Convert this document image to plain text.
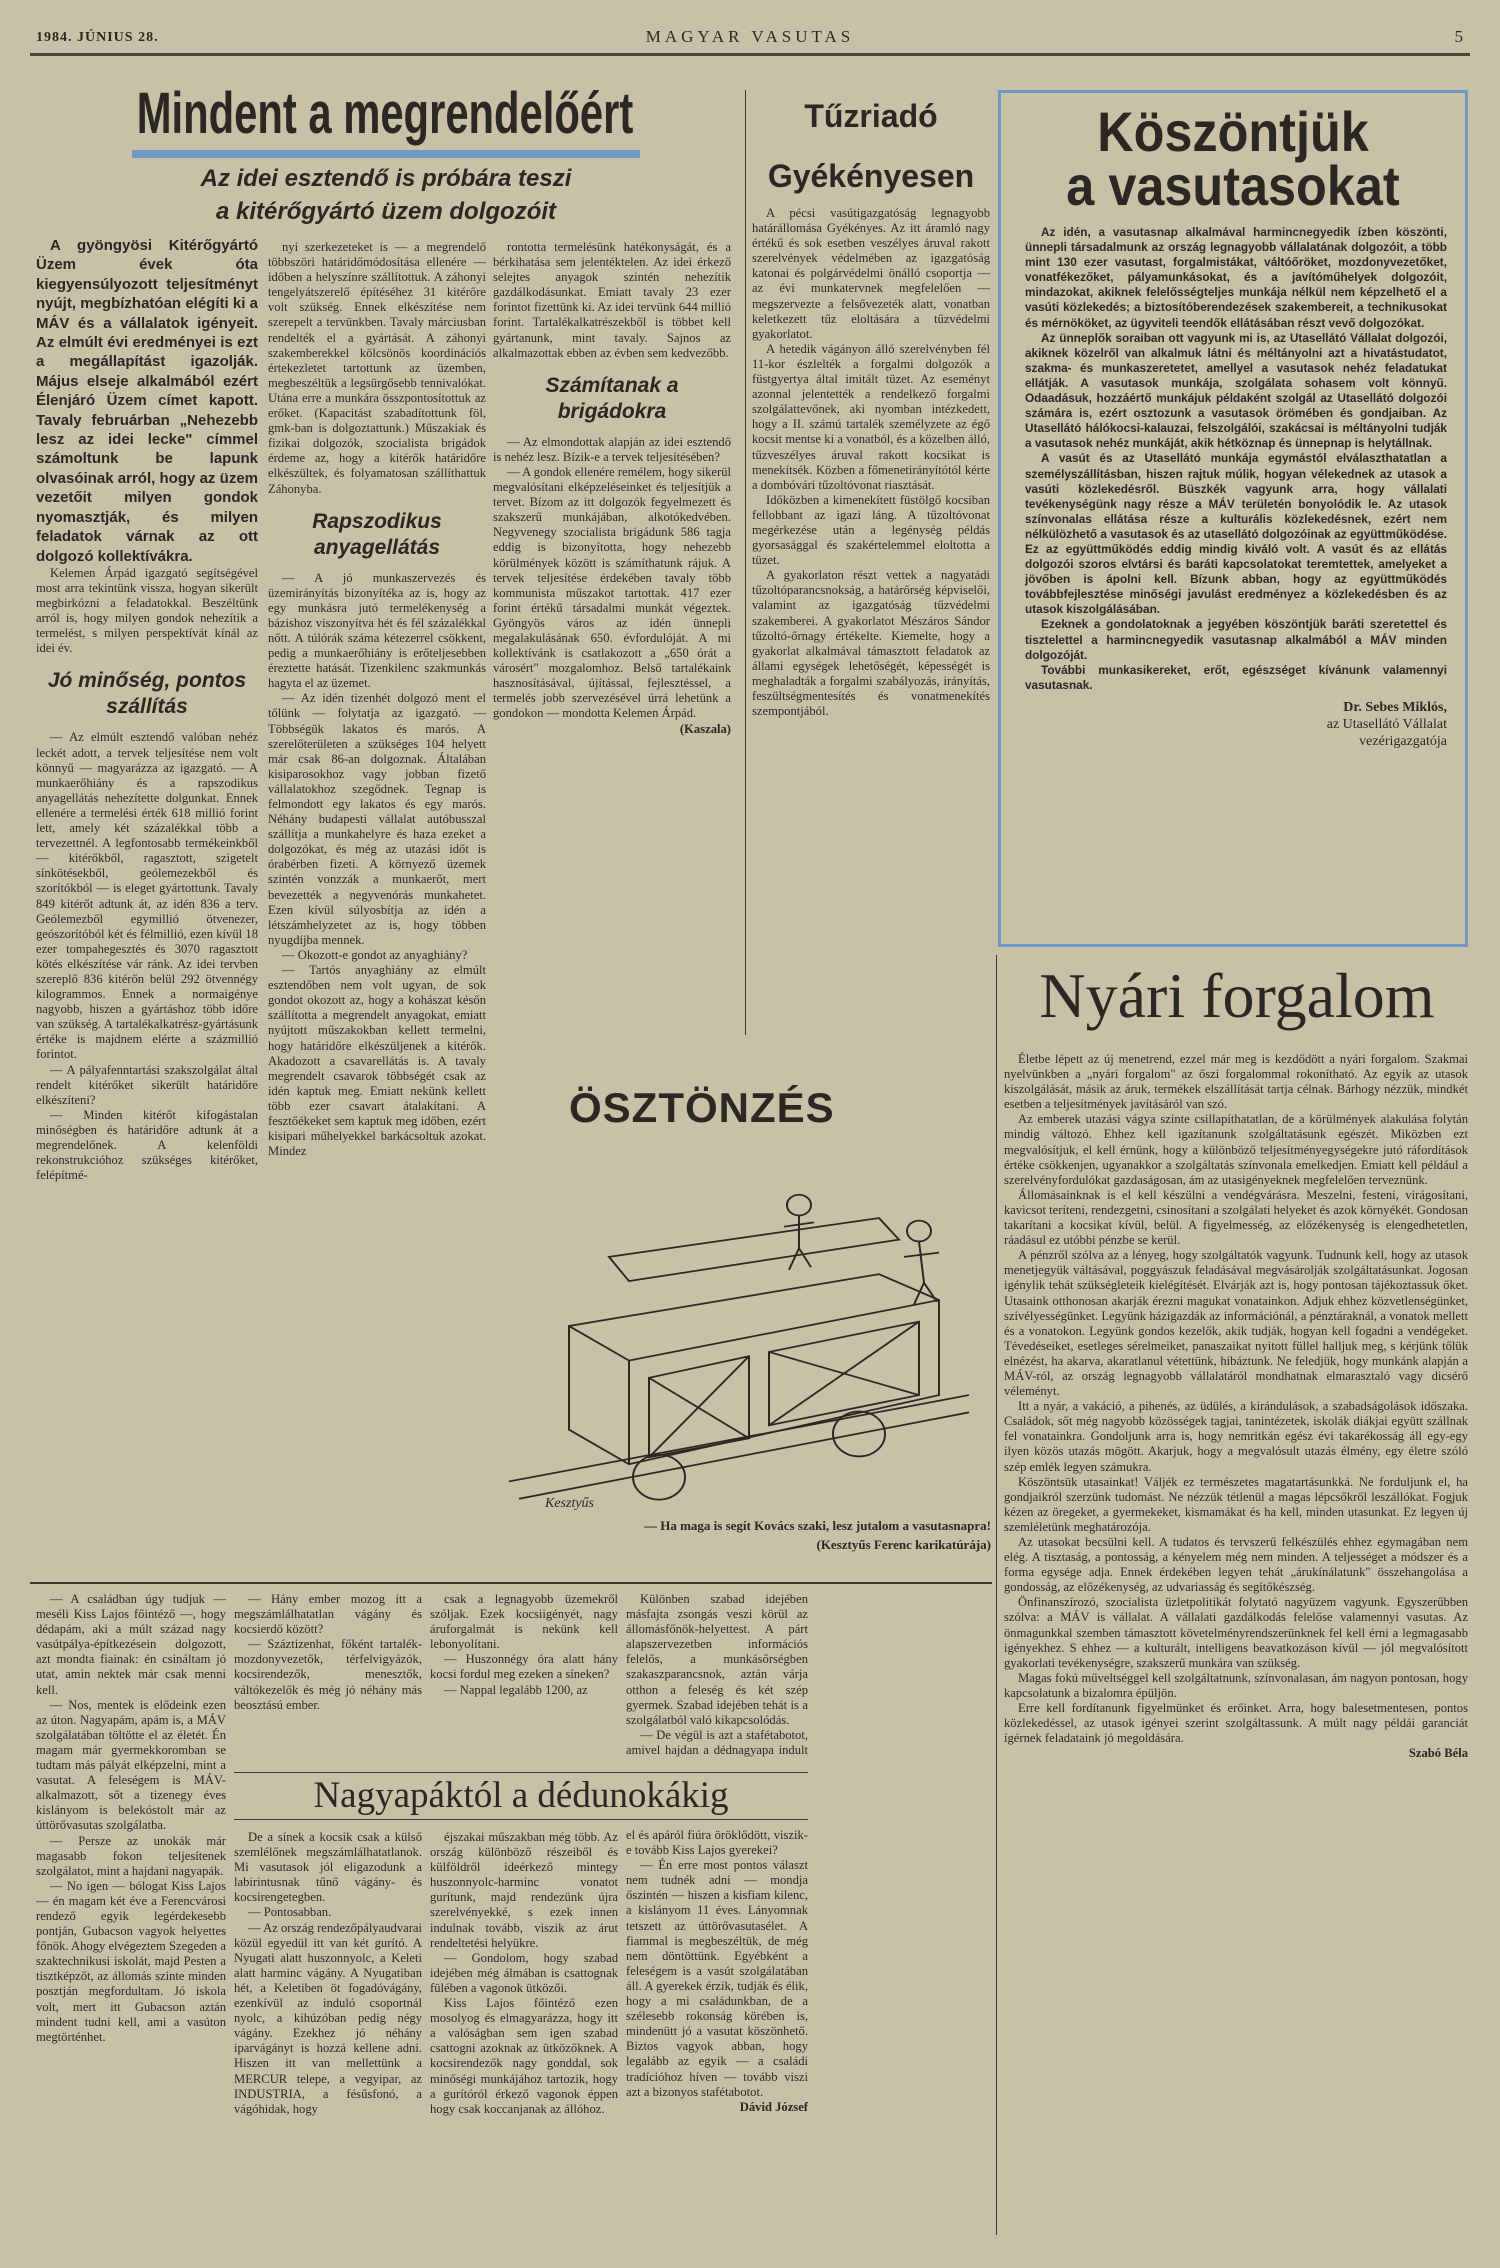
1984. JÚNIUS 28.	MAGYAR VASUTAS	5
Mindent a megrendelőért
Az idei esztendő is próbára teszi
a kitérőgyártó üzem dolgozóit

A gyöngyösi Kitérőgyártó Üzem évek óta kiegyensúlyozott teljesítményt nyújt, megbízhatóan elégíti ki a MÁV és a vállalatok igényeit. Az elmúlt évi eredményei is ezt a megállapítást igazolják. Május elseje alkalmából ezért Élenjáró Üzem címet kapott. Tavaly februárban „Nehezebb lesz az idei lecke" címmel számoltunk be lapunk olvasóinak arról, hogy az üzem vezetőit milyen gondok nyomasztják, és milyen feladatok várnak az ott dolgozó kollektívákra.

Kelemen Árpád igazgató segítségével most arra tekintünk vissza, hogyan sikerült megbirkózni a feladatokkal. Beszéltünk arról is, hogy milyen gondok nehezítik a termelést, s milyen perspektívát kínál az idei év.

Jó minőség, pontos szállítás

— Az elmúlt esztendő valóban nehéz leckét adott, a tervek teljesítése nem volt könnyű — magyarázza az igazgató. — A munkaerőhiány és a rapszodikus anyagellátás nehezítette dolgunkat. Ennek ellenére a termelési érték 618 millió forint lett, amely két százalékkal több a tervezettnél. A legfontosabb termékeinkből — kitérőkből, ragasztott, szigetelt sínkötésekből, geólemezekből és szorítókból — is eleget gyártottunk. Tavaly 849 kitérőt adtunk át, az idén 836 a terv. Geólemezből egymillió ötvenezer, geószorítóból két és félmillió, ezen kívül 18 ezer tompahegesztés és 3070 ragasztott kötés elkészítése vár ránk. Az idei tervben szereplő 836 kitérőn belül 292 ötvennégy kilogrammos. Ennek a normaigénye nagyobb, hiszen a gyártáshoz több időre van szükség. A tartalékalkatrész-gyártásunk értéke is majdnem elérte a százmillió forintot.

— A pályafenntartási szakszolgálat által rendelt kitérőket sikerült határidőre elkészíteni?

— Minden kitérőt kifogástalan minőségben és határidőre adtunk át a megrendelőnek. A kelenföldi rekonstrukcióhoz szükséges kitérőket, felépítmé-

nyi szerkezeteket is — a megrendelő többszöri határidőmódosítása ellenére — időben a helyszínre szállítottuk. A záhonyi tengelyátszerelő építéséhez 31 kitérőre volt szükség. Ennek elkészítése nem szerepelt a tervünkben. Tavaly márciusban rendelték el a gyártását. A záhonyi szakemberekkel kölcsönös koordinációs értekezletet tartottunk az üzemben, megbeszéltük a legsürgősebb tennivalókat. Utána erre a munkára összpontosítottuk az erőket. (Kapacitást szabadítottunk föl, gmk-ban is dolgoztattunk.) Műszakiak és fizikai dolgozók, szocialista brigádok érdeme az, hogy a kitérők határidőre elkészültek, és folyamatosan szállíthattuk Záhonyba.

Rapszodikus anyagellátás

— A jó munkaszervezés és üzemirányítás bizonyítéka az is, hogy az egy munkásra jutó termelékenység a bázishoz viszonyítva hét és fél százalékkal nőtt. A túlórák száma kétezerrel csökkent, pedig a munkaerőhiány is erőteljesebben éreztette hatását. Tizenkilenc szakmunkás hagyta el az üzemet.

— Az idén tizenhét dolgozó ment el tőlünk — folytatja az igazgató. — Többségük lakatos és marós. A szerelőterületen a szükséges 104 helyett már csak 86-an dolgoznak. Általában kisiparosokhoz vagy jobban fizető vállalatokhoz szegődnek. Tegnap is felmondott egy lakatos és egy marós. Néhány budapesti vállalat autóbusszal szállítja a munkahelyre és haza ezeket a dolgozókat, és még az utazási időt is órabérben fizeti. A környező üzemek szintén vonzzák a munkaerőt, mert bevezették a negyvenórás munkahetet. Ezen kívül súlyosbítja az idén a létszámhelyzetet az is, hogy többen nyugdíjba mennek.

— Okozott-e gondot az anyaghiány?

— Tartós anyaghiány az elmúlt esztendőben nem volt ugyan, de sok gondot okozott az, hogy a kohászat későn szállította a megrendelt anyagokat, emiatt nyújtott műszakokban kellett termelni, hogy határidőre elkészüljenek a kitérők. Akadozott a csavarellátás is. A tavaly megrendelt csavarok többségét csak az idén kaptuk meg. Emiatt nekünk kellett több ezer csavart átalakítani. A fesztőékeket sem kaptuk meg időben, ezért kisipari műhelyekkel barkácsoltuk azokat. Mindez

rontotta termelésünk hatékonyságát, és a bérkihatása sem jelentéktelen. Az idei érkező selejtes anyagok szintén nehezítik gazdálkodásunkat. Emiatt tavaly 23 ezer forintot fizettünk ki. Az idei tervünk 644 millió forint. Tartalékalkatrészekből is többet kell gyártanunk, mint tavaly. Sajnos az alkalmazottak ebben az évben sem kedvezőbb.

Számítanak a brigádokra

— Az elmondottak alapján az idei esztendő is nehéz lesz. Bízik-e a tervek teljesítésében?

— A gondok ellenére remélem, hogy sikerül megvalósítani elképzeléseinket és teljesítjük a tervet. Bízom az itt dolgozók fegyelmezett és szakszerű munkájában, alkotókedvében. Negyvenegy szocialista brigádunk 586 tagja eddig is bizonyította, hogy nehezebb körülmények között is számíthatunk rájuk. A tervek teljesítése érdekében tavaly több kommunista műszakot tartottak. 417 ezer forint értékű társadalmi munkát végeztek. Gyöngyös város az idén ünnepli megalakulásának 650. évfordulóját. A mi kollektívánk is csatlakozott a „650 órát a városért" mozgalomhoz. Belső tartalékaink hasznosításával, újítással, fejlesztéssel, a termelés jobb szervezésével úrrá lehetünk a gondokon — mondotta Kelemen Árpád.

(Kaszala)

Tűzriadó
Gyékényesen

A pécsi vasútigazgatóság legnagyobb határállomása Gyékényes. Az itt áramló nagy értékű és sok esetben veszélyes áruval rakott szerelvények védelmében az igazgatóság katonai és polgárvédelmi önálló csoportja — az évi munkatervnek megfelelően — megszervezte a felsővezeték alatt, vonatban keletkezett tűz eloltására a tűzvédelmi gyakorlatot.

A hetedik vágányon álló szerelvényben fél 11-kor észlelték a forgalmi dolgozók a füstgyertya által imitált tüzet. Az eseményt azonnal jelentették a rendelkező forgalmi szolgálattevőnek, aki nyomban intézkedett, hogy a II. számú tartalék személyzete az égő kocsit mentse ki a vonatból, és a közelben álló, tűzveszélyes áruval rakott kocsikat is menekítsék. Közben a főmenetirányítótól kérte a dombóvári tűzoltóvonat riasztását.

Időközben a kimenekített füstölgő kocsiban fellobbant az igazi láng. A tűzoltóvonat megérkezése után a legénység példás gyorsasággal és szakértelemmel eloltotta a tüzet.

A gyakorlaton részt vettek a nagyatádi tűzoltóparancsnokság, a határőrség képviselői, valamint az igazgatóság tűzvédelmi szakemberei. A gyakorlatot Mészáros Sándor tűzoltó-őrnagy értékelte. Kiemelte, hogy a gyakorlat alkalmával támasztott feladatok az állami egységek lehetőségét, képességét is meghaladták a forgalmi szabályozás, irányítás, feszültségmentesítés és vonatmenekítés szempontjából.

Köszöntjük
a vasutasokat

Az idén, a vasutasnap alkalmával harmincnegyedik ízben köszönti, ünnepli társadalmunk az ország legnagyobb vállalatának dolgozóit, a több mint 130 ezer vasutast, forgalmistákat, váltóőröket, mozdonyvezetőket, vonatfékezőket, pályamunkásokat, és a javítóműhelyek dolgozóit, mindazokat, akiknek felelősségteljes munkája nélkül nem képzelhető el a vasúti közlekedés; a biztosítóberendezések szakembereit, a technikusokat és mérnököket, az ügyviteli teendők ellátásában részt vevő dolgozókat.

Az ünneplők soraiban ott vagyunk mi is, az Utasellátó Vállalat dolgozói, akiknek közelről van alkalmuk látni és méltányolni azt a hivatástudatot, szakma- és munkaszeretetet, amellyel a vasutasok nehéz feladatukat ellátják. A vasutasok munkája, szolgálata sohasem volt könnyű. Odaadásuk, hozzáértő munkájuk példaként szolgál az Utasellátó dolgozói számára is, ezért osztozunk a vasutasok örömében és gondjaiban. Az Utasellátó hálókocsi-kalauzai, felszolgálói, szakácsai is méltányolni tudják a vasutasok nehéz munkáját, akik hétköznap és ünnepnap is helytállnak.

A vasút és az Utasellátó munkája egymástól elválaszthatatlan a személyszállításban, hiszen rajtuk múlik, hogyan vélekednek az utasok a vasúti közlekedésről. Büszkék vagyunk arra, hogy vállalati tevékenységünk nagy része a MÁV területén bonyolódik le. Az utasok színvonalas ellátása része a kulturális közlekedésnek, ezért nem nélkülözhető a vasutasok és az utasellátó dolgozóinak az együttműködése. Ez az együttműködés eddig mindig kiváló volt. A vasút és az ellátás dolgozói szoros elvtársi és baráti kapcsolatokat teremtettek, amelyeket a jövőben is ápolni kell. Bízunk abban, hogy az együttműködés továbbfejlesztése minőségi javulást eredményez a közlekedésben és az utasok kiszolgálásában.

Ezeknek a gondolatoknak a jegyében köszöntjük baráti szeretettel és tisztelettel a harmincnegyedik vasutasnap alkalmából a MÁV minden dolgozóját.

További munkasikereket, erőt, egészséget kívánunk valamennyi vasutasnak.

Dr. Sebes Miklós,
az Utasellátó Vállalat
vezérigazgatója
Nyári forgalom

Életbe lépett az új menetrend, ezzel már meg is kezdődött a nyári forgalom. Szakmai nyelvünkben a „nyári forgalom" az őszi forgalommal rokonítható. Az egyik az utasok kiszolgálását, másik az áruk, termékek elszállítását tartja célnak. Bárhogy nézzük, mindkét esetben a teljesítmények javításáról van szó.

Az emberek utazási vágya szinte csillapíthatatlan, de a körülmények alakulása folytán mindig változó. Ehhez kell igazítanunk szolgáltatásunk egészét. Miközben ezt megvalósítjuk, el kell érnünk, hogy a különböző teljesítményegységekre jutó ráfordítások értéke csökkenjen, ugyanakkor a szolgáltatás színvonala emelkedjen. Emiatt kell például a szerelvényfordulókat gazdaságosan, ám az utasigényeknek megfelelően terveznünk.

Állomásainknak is el kell készülni a vendégvárásra. Meszelni, festeni, virágosítani, kavicsot teríteni, rendezgetni, csinosítani a szolgálati helyeket és azok környékét. Gondosan takarítani a kocsikat kívül, belül. A figyelmesség, az előzékenység is elengedhetetlen, ráadásul ez utóbbi pénzbe se kerül.

A pénzről szólva az a lényeg, hogy szolgáltatók vagyunk. Tudnunk kell, hogy az utasok menetjegyük váltásával, poggyászuk feladásával megvásárolják szolgáltatásunkat. Jogosan igénylik tehát szükségleteik kielégítését. Elvárják azt is, hogy pontosan tájékoztassuk őket. Utasaink otthonosan akarják érezni magukat vonatainkon. Adjuk ehhez közvetlenségünket, szívélyességünket. Legyünk házigazdák az információnál, a pénztáraknál, a vonatok mellett és a vonatokon. Legyünk gondos kezelők, akik tudják, hogyan kell fogadni a vendégeket. Tévedéseiket, esetleges sérelmeiket, panaszaikat nyitott füllel halljuk meg, s kérjünk tőlük elnézést, ha akarva, akaratlanul vétettünk, hibáztunk. Ne feledjük, hogy munkánk alapján a MÁV-ról, az ország legnagyobb vállalatáról mondhatnak elmarasztaló vagy dicsérő véleményt.

Itt a nyár, a vakáció, a pihenés, az üdülés, a kirándulások, a szabadságolások időszaka. Családok, sőt még nagyobb közösségek tagjai, tanintézetek, iskolák diákjai együtt szállnak fel vonatainkra. Gondoljunk arra is, hogy nemritkán egész évi takarékosság áll egy-egy ilyen közös utazás mögött. Akarjuk, hogy a megvalósult utazás élmény, egy életre szóló szép emlék legyen számukra.

Köszöntsük utasainkat! Váljék ez természetes magatartásunkká. Ne forduljunk el, ha gondjaikról szerzünk tudomást. Ne nézzük tétlenül a magas lépcsőkről leszállókat. Fogjuk kézen az öregeket, a gyermekeket, kismamákat és ha kell, minden utasunkat. Ez legyen új szemléletünk meghatározója.

Az utasokat becsülni kell. A tudatos és tervszerű felkészülés ehhez egymagában nem elég. A tisztaság, a pontosság, a kényelem még nem minden. A teljességet a módszer és a forma egysége adja. Ennek érdekében legyen tehát „árukínálatunk" összehangolása a gondosság, az előzékenység, az udvariasság és segítőkészség.

Önfinanszírozó, szocialista üzletpolitikát folytató nagyüzem vagyunk. Egyszerűbben szólva: a MÁV is vállalat. A vállalati gazdálkodás felelőse valamennyi vasutas. Az önmagunkkal szemben támasztott követelményrendszerünknek fel kell érni a legmagasabb igényekhez. S ehhez — a kulturált, intelligens beavatkozáson kívül — jól megvalósított gyakorlati tevékenységre, szakszerű munkára van szükség.

Magas fokú műveltséggel kell szolgáltatnunk, színvonalasan, ám nagyon pontosan, hogy kapcsolatunk a bizalomra épüljön.

Erre kell fordítanunk figyelmünket és erőinket. Arra, hogy balesetmentesen, pontos közlekedéssel, az utasok igényei szerint szolgáltassunk. A múlt nagy példái garanciát ígérnek feladataink jó megoldására.

Szabó Béla

ÖSZTÖNZÉS
Kesztyűs
— Ha maga is segít Kovács szaki, lesz jutalom a vasutasnapra!
(Kesztyűs Ferenc karikatúrája)

— A családban úgy tudjuk — meséli Kiss Lajos főintéző —, hogy dédapám, aki a múlt század nagy vasútpálya-építkezésein dolgozott, azt mondta fiainak: én csináltam jó utat, amin nektek már csak menni kell.

— Nos, mentek is elődeink ezen az úton. Nagyapám, apám is, a MÁV szolgálatában töltötte el az életét. Én magam már gyermekkoromban se tudtam más pályát elképzelni, mint a vasutat. A feleségem is MÁV-alkalmazott, sőt a tizenegy éves kislányom is belekóstolt már az úttörővasutas szolgálatba.

— Persze az unokák már magasabb fokon teljesítenek szolgálatot, mint a hajdani nagyapák.

— No igen — bólogat Kiss Lajos — én magam két éve a Ferencvárosi rendező egyik legérdekesebb pontján, Gubacson vagyok helyettes főnök. Ahogy elvégeztem Szegeden a szaktechnikusi iskolát, majd Pesten a tisztképzőt, az állomás szinte minden posztján megfordultam. Jó iskola volt, mert itt Gubacson aztán mindent tudni kell, ami a vasúton megtörténhet.

— Hány ember mozog itt a megszámlálhatatlan vágány és kocsierdő között?

— Száztizenhat, főként tartalék-mozdonyvezetők, térfelvigyázók, kocsirendezők, menesztők, váltókezelők és még jó néhány más beosztású ember.

csak a legnagyobb üzemekről szóljak. Ezek kocsiigényét, nagy áruforgalmát is nekünk kell lebonyolítani.

— Huszonnégy óra alatt hány kocsi fordul meg ezeken a síneken?

— Nappal legalább 1200, az

Nagyapáktól a dédunokákig

De a sínek a kocsik csak a külső szemlélőnek megszámlálhatatlanok. Mi vasutasok jól eligazodunk a labirintusnak tűnő vágány- és kocsirengetegben.

— Pontosabban.

— Az ország rendezőpályaudvarai közül egyedül itt van két gurító. A Nyugati alatt huszonnyolc, a Keleti alatt harminc vágány. A Nyugatiban hét, a Keletiben öt fogadóvágány, ezenkívül az induló csoportnál nyolc, a kihúzóban pedig négy vágány. Ezekhez jó néhány iparvágányt is hozzá kellene adni. Hiszen itt van mellettünk a MERCUR telepe, a vegyipar, az INDUSTRIA, a fésűsfonó, a vágóhidak, hogy

éjszakai műszakban még több. Az ország különböző részeiből és külföldről ideérkező mintegy huszonnyolc-harminc vonatot gurítunk, majd rendezünk újra szerelvényekké, s ezek innen indulnak tovább, viszik az árut rendeltetési helyükre.

— Gondolom, hogy szabad idejében még álmában is csattognak fülében a vagonok ütközői.

Kiss Lajos főintéző ezen mosolyog és elmagyarázza, hogy itt a valóságban sem igen szabad csattogni azoknak az ütközőknek. A kocsirendezők nagy gonddal, sok minőségi munkájához tartozik, hogy a gurítóról érkező vagonok éppen hogy csak koccanjanak az állóhoz.

Különben szabad idejében másfajta zsongás veszi körül az állomásfőnök-helyettest. A párt alapszervezetben információs felelős, a munkásőrségben szakaszparancsnok, aztán várja otthon a feleség és két szép gyermek. Szabad idejében tehát is a szolgálatból való kikapcsolódás.

— De végül is azt a stafétabotot, amivel hajdan a dédnagyapa indult el és apáról fiúra öröklődött, viszik-e tovább Kiss Lajos gyerekei?

— Én erre most pontos választ nem tudnék adni — mondja őszintén — hiszen a kisfiam kilenc, a kislányom 11 éves. Lányomnak tetszett az úttörővasutasélet. A fiammal is megbeszéltük, de még nem döntöttünk. Egyébként a feleségem is a vasút szolgálatában áll. A gyerekek érzik, tudják és élik, hogy a mi családunkban, de a szélesebb rokonság körében is, mindenütt jó a vasutat köszönhető. Biztos vagyok abban, hogy legalább az egyik — a családi tradícióhoz híven — tovább viszi azt a bizonyos stafétabotot.

Dávid József
